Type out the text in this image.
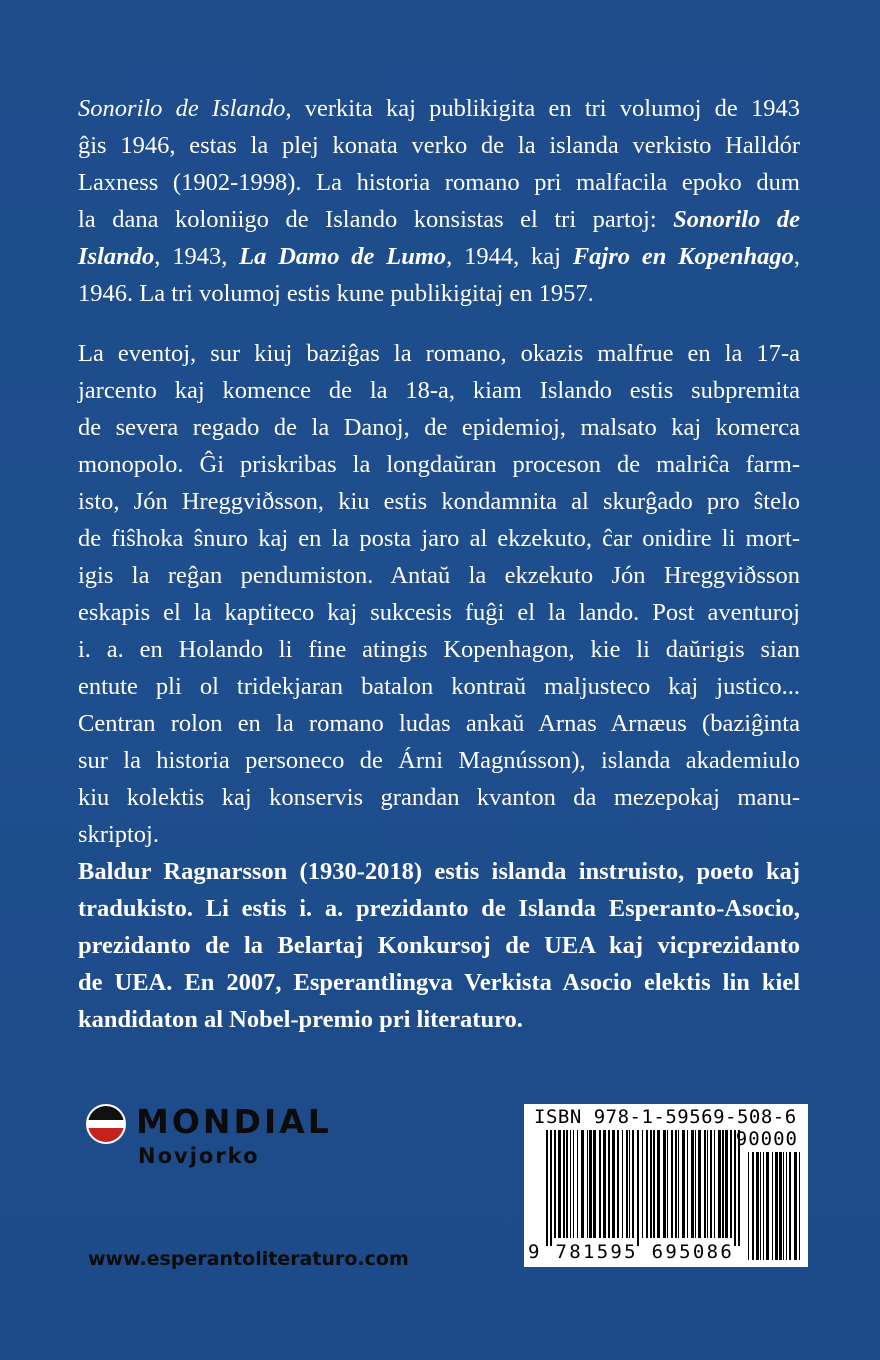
Sonorilo de Islando, verkita kaj publikigita en tri volumoj de 1943
ĝis 1946, estas la plej konata verko de la islanda verkisto Halldór
Laxness (1902-1998). La historia romano pri malfacila epoko dum
la dana koloniigo de Islando konsistas el tri partoj: Sonorilo de
Islando, 1943, La Damo de Lumo, 1944, kaj Fajro en Kopenhago,
1946. La tri volumoj estis kune publikigitaj en 1957.
La eventoj, sur kiuj baziĝas la romano, okazis malfrue en la 17-a
jarcento kaj komence de la 18-a, kiam Islando estis subpremita
de severa regado de la Danoj, de epidemioj, malsato kaj komerca
monopolo. Ĝi priskribas la longdaŭran proceson de malriĉa farm-
isto, Jón Hreggviðsson, kiu estis kondamnita al skurĝado pro ŝtelo
de fiŝhoka ŝnuro kaj en la posta jaro al ekzekuto, ĉar onidire li mort-
igis la reĝan pendumiston. Antaŭ la ekzekuto Jón Hreggviðsson
eskapis el la kaptiteco kaj sukcesis fuĝi el la lando. Post aventuroj
i. a. en Holando li fine atingis Kopenhagon, kie li daŭrigis sian
entute pli ol tridekjaran batalon kontraŭ maljusteco kaj justico...
Centran rolon en la romano ludas ankaŭ Arnas Arnæus (baziĝinta
sur la historia personeco de Árni Magnússon), islanda akademiulo
kiu kolektis kaj konservis grandan kvanton da mezepokaj manu-
skriptoj.
Baldur Ragnarsson (1930-2018) estis islanda instruisto, poeto kaj
tradukisto. Li estis i. a. prezidanto de Islanda Esperanto-Asocio,
prezidanto de la Belartaj Konkursoj de UEA kaj vicprezidanto
de UEA. En 2007, Esperantlingva Verkista Asocio elektis lin kiel
kandidaton al Nobel-premio pri literaturo.
MONDIAL
Novjorko
www.esperantoliteraturo.com
ISBN 978-1-59569-508-6
90000
9 781595 695086
